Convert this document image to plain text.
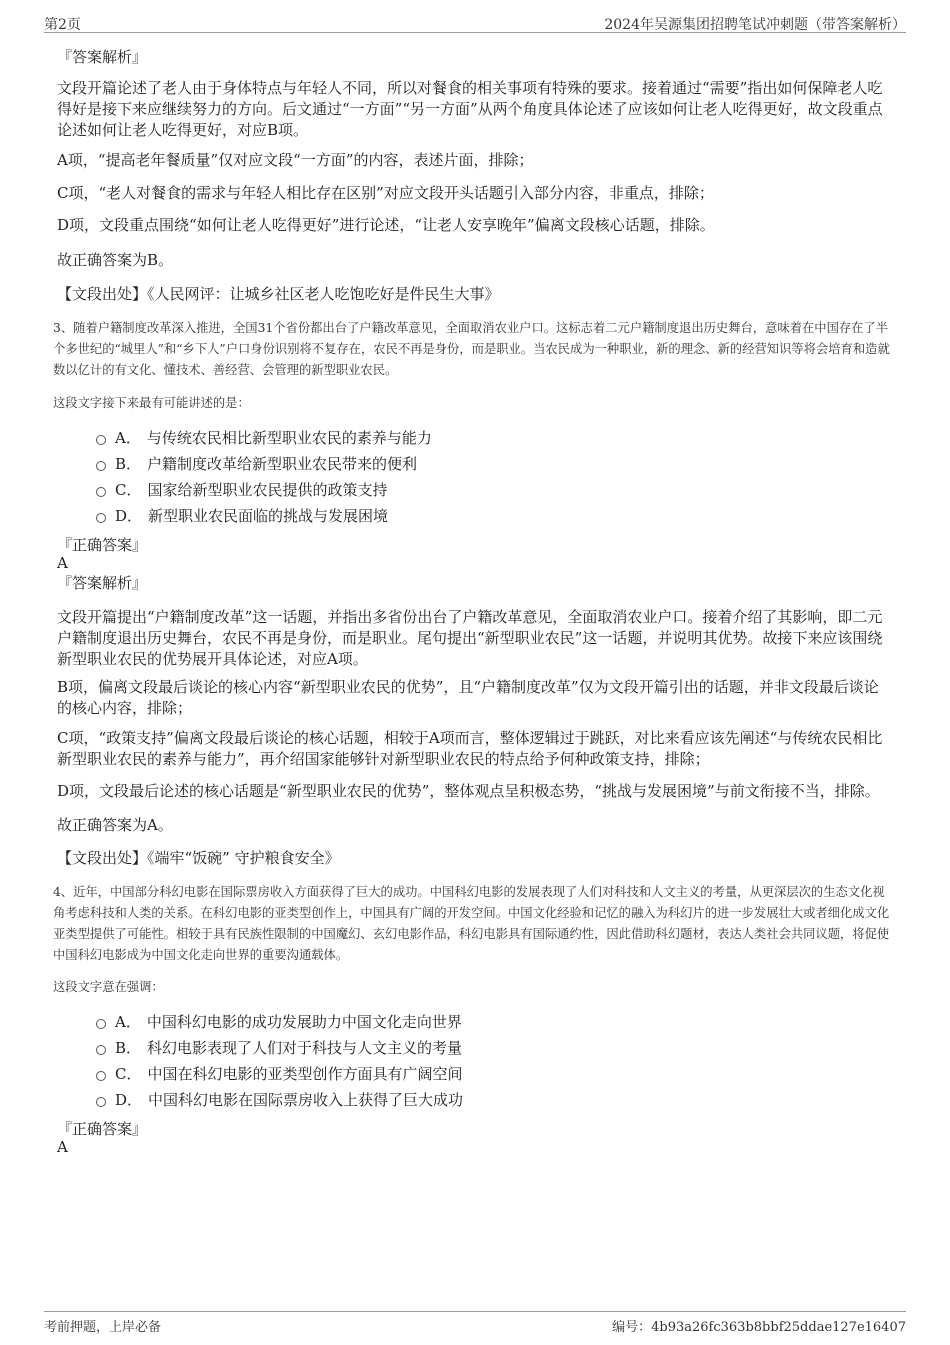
第2页	2024年吴源集团招聘笔试冲刺题（带答案解析）
『答案解析』
文段开篇论述了老人由于身体特点与年轻人不同，所以对餐食的相关事项有特殊的要求。接着通过“需要”指出如何保障老人吃得好是接下来应继续努力的方向。后文通过“一方面”“另一方面”从两个角度具体论述了应该如何让老人吃得更好，故文段重点论述如何让老人吃得更好，对应B项。
A项，“提高老年餐质量”仅对应文段“一方面”的内容，表述片面，排除；
C项，“老人对餐食的需求与年轻人相比存在区别”对应文段开头话题引入部分内容，非重点，排除；
D项，文段重点围绕“如何让老人吃得更好”进行论述，“让老人安享晚年”偏离文段核心话题，排除。
故正确答案为B。
【文段出处】《人民网评：让城乡社区老人吃饱吃好是件民生大事》
3、随着户籍制度改革深入推进，全国31个省份都出台了户籍改革意见，全面取消农业户口。这标志着二元户籍制度退出历史舞台，意味着在中国存在了半个多世纪的“城里人”和“乡下人”户口身份识别将不复存在，农民不再是身份，而是职业。当农民成为一种职业，新的理念、新的经营知识等将会培育和造就数以亿计的有文化、懂技术、善经营、会管理的新型职业农民。
这段文字接下来最有可能讲述的是：
A． 与传统农民相比新型职业农民的素养与能力
B． 户籍制度改革给新型职业农民带来的便利
C． 国家给新型职业农民提供的政策支持
D． 新型职业农民面临的挑战与发展困境
『正确答案』
A
『答案解析』
文段开篇提出“户籍制度改革”这一话题，并指出多省份出台了户籍改革意见，全面取消农业户口。接着介绍了其影响，即二元户籍制度退出历史舞台，农民不再是身份，而是职业。尾句提出“新型职业农民”这一话题，并说明其优势。故接下来应该围绕新型职业农民的优势展开具体论述，对应A项。
B项，偏离文段最后谈论的核心内容“新型职业农民的优势”，且“户籍制度改革”仅为文段开篇引出的话题，并非文段最后谈论的核心内容，排除；
C项，“政策支持”偏离文段最后谈论的核心话题，相较于A项而言，整体逻辑过于跳跃，对比来看应该先阐述“与传统农民相比新型职业农民的素养与能力”，再介绍国家能够针对新型职业农民的特点给予何种政策支持，排除；
D项，文段最后论述的核心话题是“新型职业农民的优势”，整体观点呈积极态势，“挑战与发展困境”与前文衔接不当，排除。
故正确答案为A。
【文段出处】《端牢“饭碗” 守护粮食安全》
4、近年，中国部分科幻电影在国际票房收入方面获得了巨大的成功。中国科幻电影的发展表现了人们对科技和人文主义的考量，从更深层次的生态文化视角考虑科技和人类的关系。在科幻电影的亚类型创作上，中国具有广阔的开发空间。中国文化经验和记忆的融入为科幻片的进一步发展壮大或者细化成文化亚类型提供了可能性。相较于具有民族性限制的中国魔幻、玄幻电影作品，科幻电影具有国际通约性，因此借助科幻题材，表达人类社会共同议题，将促使中国科幻电影成为中国文化走向世界的重要沟通载体。
这段文字意在强调：
A． 中国科幻电影的成功发展助力中国文化走向世界
B． 科幻电影表现了人们对于科技与人文主义的考量
C． 中国在科幻电影的亚类型创作方面具有广阔空间
D． 中国科幻电影在国际票房收入上获得了巨大成功
『正确答案』
A
考前押题，上岸必备	编号：4b93a26fc363b8bbf25ddae127e16407
